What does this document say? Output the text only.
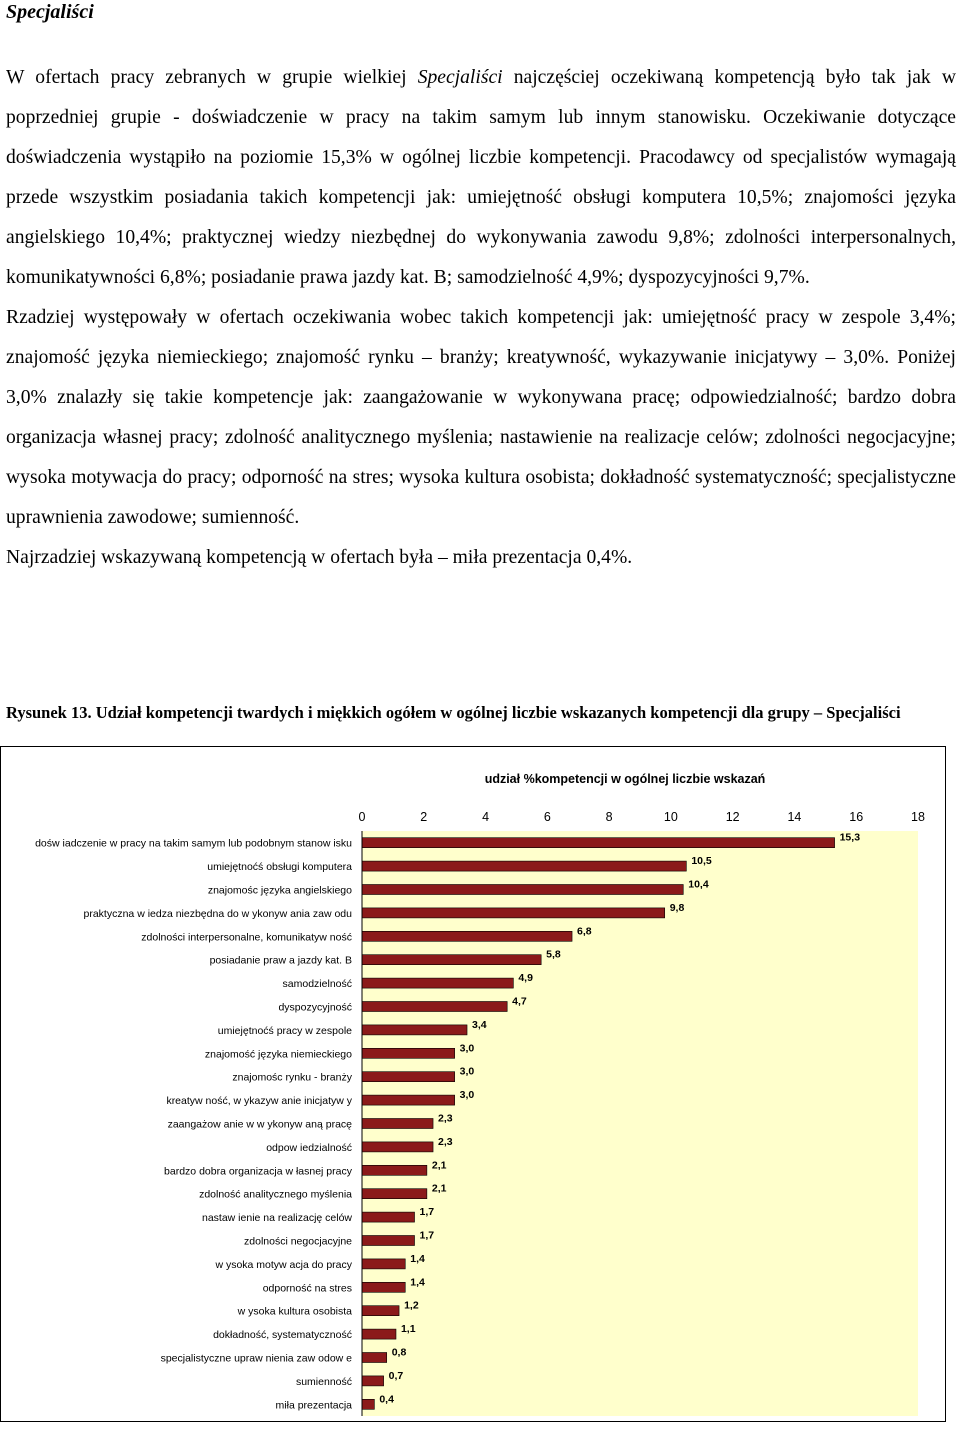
Specjaliści

W ofertach pracy zebranych w grupie wielkiej Specjaliści najczęściej oczekiwaną kompetencją było tak jak w poprzedniej grupie - doświadczenie w pracy na takim samym lub innym stanowisku. Oczekiwanie dotyczące doświadczenia wystąpiło na poziomie 15,3% w ogólnej liczbie kompetencji. Pracodawcy od specjalistów wymagają przede wszystkim posiadania takich kompetencji jak: umiejętność obsługi komputera 10,5%; znajomości języka angielskiego 10,4%; praktycznej wiedzy niezbędnej do wykonywania zawodu 9,8%; zdolności interpersonalnych, komunikatywności 6,8%; posiadanie prawa jazdy kat. B; samodzielność 4,9%; dyspozycyjności 9,7%.

Rzadziej występowały w ofertach oczekiwania wobec takich kompetencji jak: umiejętność pracy w zespole 3,4%; znajomość języka niemieckiego; znajomość rynku – branży; kreatywność, wykazywanie inicjatywy – 3,0%. Poniżej 3,0% znalazły się takie kompetencje jak: zaangażowanie w wykonywana pracę; odpowiedzialność; bardzo dobra organizacja własnej pracy; zdolność analitycznego myślenia; nastawienie na realizacje celów; zdolności negocjacyjne; wysoka motywacja do pracy; odporność na stres; wysoka kultura osobista; dokładność systematyczność; specjalistyczne uprawnienia zawodowe; sumienność.

Najrzadziej wskazywaną kompetencją w ofertach była – miła prezentacja 0,4%.

Rysunek 13. Udział kompetencji twardych i miękkich ogółem w ogólnej liczbie wskazanych kompetencji dla grupy – Specjaliści
udział %kompetencji w ogólnej liczbie wskazań
0	2	4	6	8	10	12	14	16	18
dośw iadczenie w pracy na takim samym lub podobnym stanow isku
umiejętnoćś obsługi komputera
znajomośc języka angielskiego
praktyczna w iedza niezbędna do w ykonyw ania zaw odu
zdolności interpersonalne, komunikatyw ność
posiadanie praw a jazdy kat. B
samodzielność
dyspozycyjność
umiejętnoćś pracy w zespole
znajomość języka niemieckiego
znajomośc rynku - branży
kreatyw ność, w ykazyw anie inicjatyw y
zaangażow anie w w ykonyw aną pracę
odpow iedzialność
bardzo dobra organizacja w łasnej pracy
zdolność analitycznego myślenia
nastaw ienie na realizację celów
zdolności negocjacyjne
w ysoka motyw acja do pracy
odporność na stres
w ysoka kultura osobista
dokładność, systematyczność
specjalistyczne upraw nienia zaw odow e
sumienność
miła prezentacja
15,3
10,5
10,4
9,8
6,8
5,8
4,9
4,7
3,4
3,0
3,0
3,0
2,3
2,3
2,1
2,1
1,7
1,7
1,4
1,4
1,2
1,1
0,8
0,7
0,4
